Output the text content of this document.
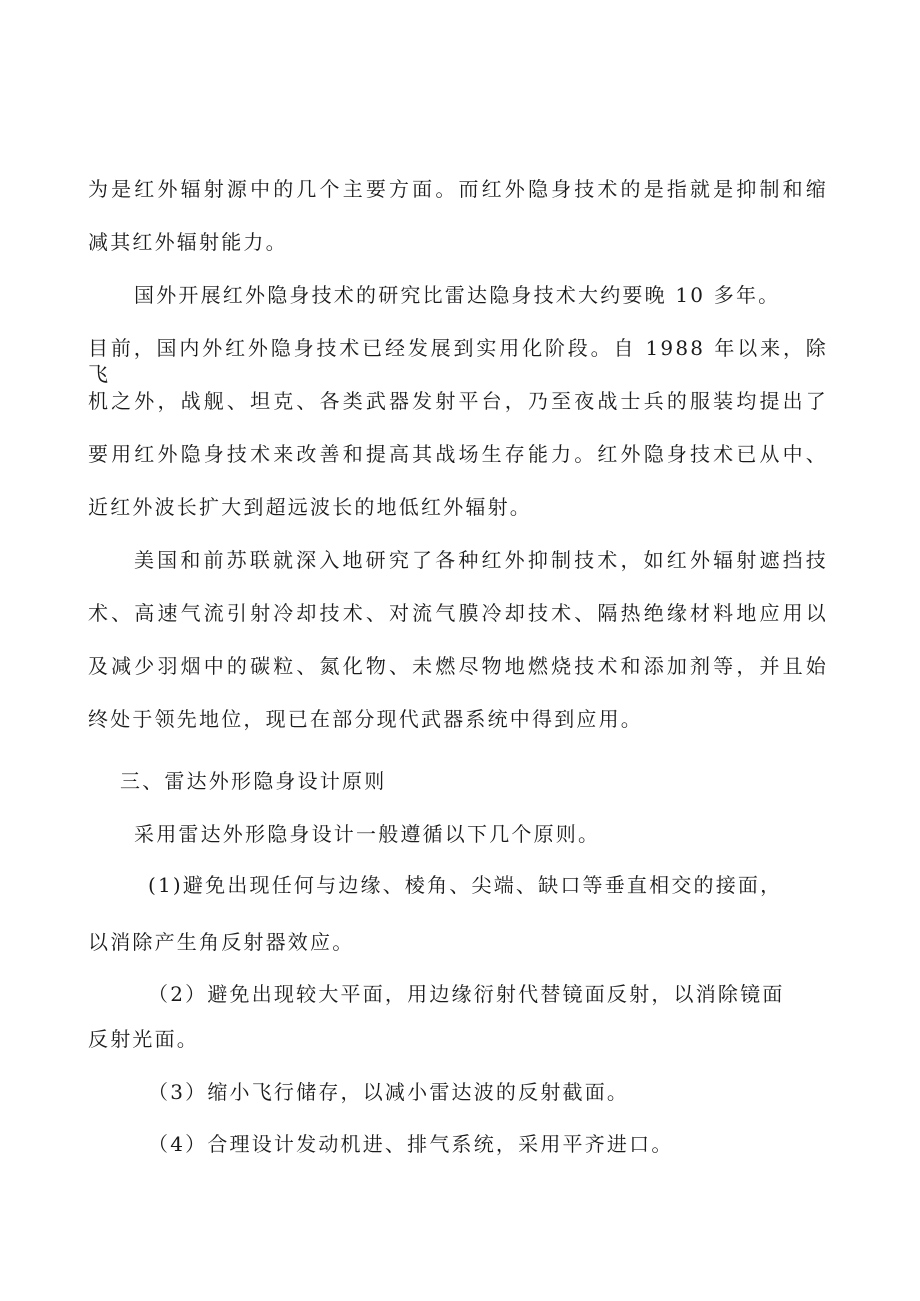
为是红外辐射源中的几个主要方面。而红外隐身技术的是指就是抑制和缩
减其红外辐射能力。
国外开展红外隐身技术的研究比雷达隐身技术大约要晚 10 多年。
目前，国内外红外隐身技术已经发展到实用化阶段。自 1988 年以来，除飞
机之外，战舰、坦克、各类武器发射平台，乃至夜战士兵的服装均提出了
要用红外隐身技术来改善和提高其战场生存能力。红外隐身技术已从中、
近红外波长扩大到超远波长的地低红外辐射。
美国和前苏联就深入地研究了各种红外抑制技术，如红外辐射遮挡技
术、高速气流引射冷却技术、对流气膜冷却技术、隔热绝缘材料地应用以
及减少羽烟中的碳粒、氮化物、未燃尽物地燃烧技术和添加剂等，并且始
终处于领先地位，现已在部分现代武器系统中得到应用。
三、雷达外形隐身设计原则
采用雷达外形隐身设计一般遵循以下几个原则。
(1)避免出现任何与边缘、棱角、尖端、缺口等垂直相交的接面，
以消除产生角反射器效应。
（2）避免出现较大平面，用边缘衍射代替镜面反射，以消除镜面
反射光面。
（3）缩小飞行储存，以减小雷达波的反射截面。
（4）合理设计发动机进、排气系统，采用平齐进口。
